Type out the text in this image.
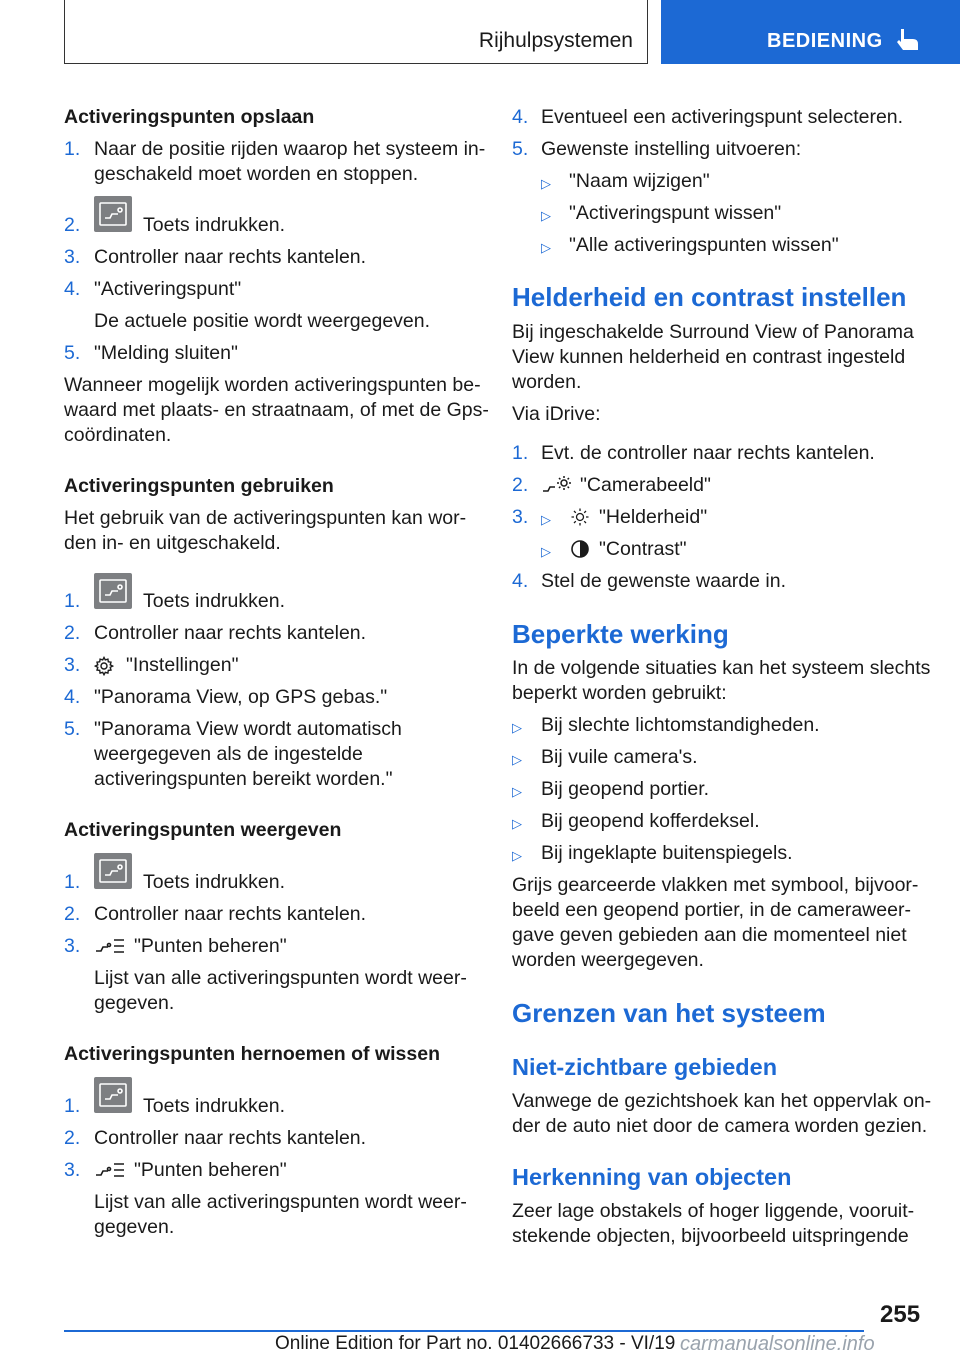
Rijhulpsystemen	BEDIENING
Activeringspunten opslaan
1. Naar de positie rijden waarop het systeem in-
geschakeld moet worden en stoppen.
2.	Toets indrukken.
3. Controller naar rechts kantelen.
4. "Activeringspunt"
De actuele positie wordt weergegeven.
5. "Melding sluiten"
Wanneer mogelijk worden activeringspunten be-
waard met plaats- en straatnaam, of met de Gps-
coördinaten.
Activeringspunten gebruiken
Het gebruik van de activeringspunten kan wor-
den in- en uitgeschakeld.
1.	Toets indrukken.
2. Controller naar rechts kantelen.
3. "Instellingen"
4. "Panorama View, op GPS gebas."
5. "Panorama View wordt automatisch
weergegeven als de ingestelde
activeringspunten bereikt worden."
Activeringspunten weergeven
1.	Toets indrukken.
2. Controller naar rechts kantelen.
3.	"Punten beheren"
Lijst van alle activeringspunten wordt weer-
gegeven.
Activeringspunten hernoemen of wissen
1.	Toets indrukken.
2. Controller naar rechts kantelen.
3.	"Punten beheren"
Lijst van alle activeringspunten wordt weer-
gegeven.
4. Eventueel een activeringspunt selecteren.
5. Gewenste instelling uitvoeren:
▷ "Naam wijzigen"
▷ "Activeringspunt wissen"
▷ "Alle activeringspunten wissen"
Helderheid en contrast instellen
Bij ingeschakelde Surround View of Panorama
View kunnen helderheid en contrast ingesteld
worden.
Via iDrive:
1. Evt. de controller naar rechts kantelen.
2.	"Camerabeeld"
3. ▷ "Helderheid"
▷ "Contrast"
4. Stel de gewenste waarde in.
Beperkte werking
In de volgende situaties kan het systeem slechts
beperkt worden gebruikt:
▷ Bij slechte lichtomstandigheden.
▷ Bij vuile camera's.
▷ Bij geopend portier.
▷ Bij geopend kofferdeksel.
▷ Bij ingeklapte buitenspiegels.
Grijs gearceerde vlakken met symbool, bijvoor-
beeld een geopend portier, in de cameraweer-
gave geven gebieden aan die momenteel niet
worden weergegeven.
Grenzen van het systeem
Niet-zichtbare gebieden
Vanwege de gezichtshoek kan het oppervlak on-
der de auto niet door de camera worden gezien.
Herkenning van objecten
Zeer lage obstakels of hoger liggende, vooruit-
stekende objecten, bijvoorbeeld uitspringende
255
Online Edition for Part no. 01402666733 - VI/19 carmanualsonline.info
